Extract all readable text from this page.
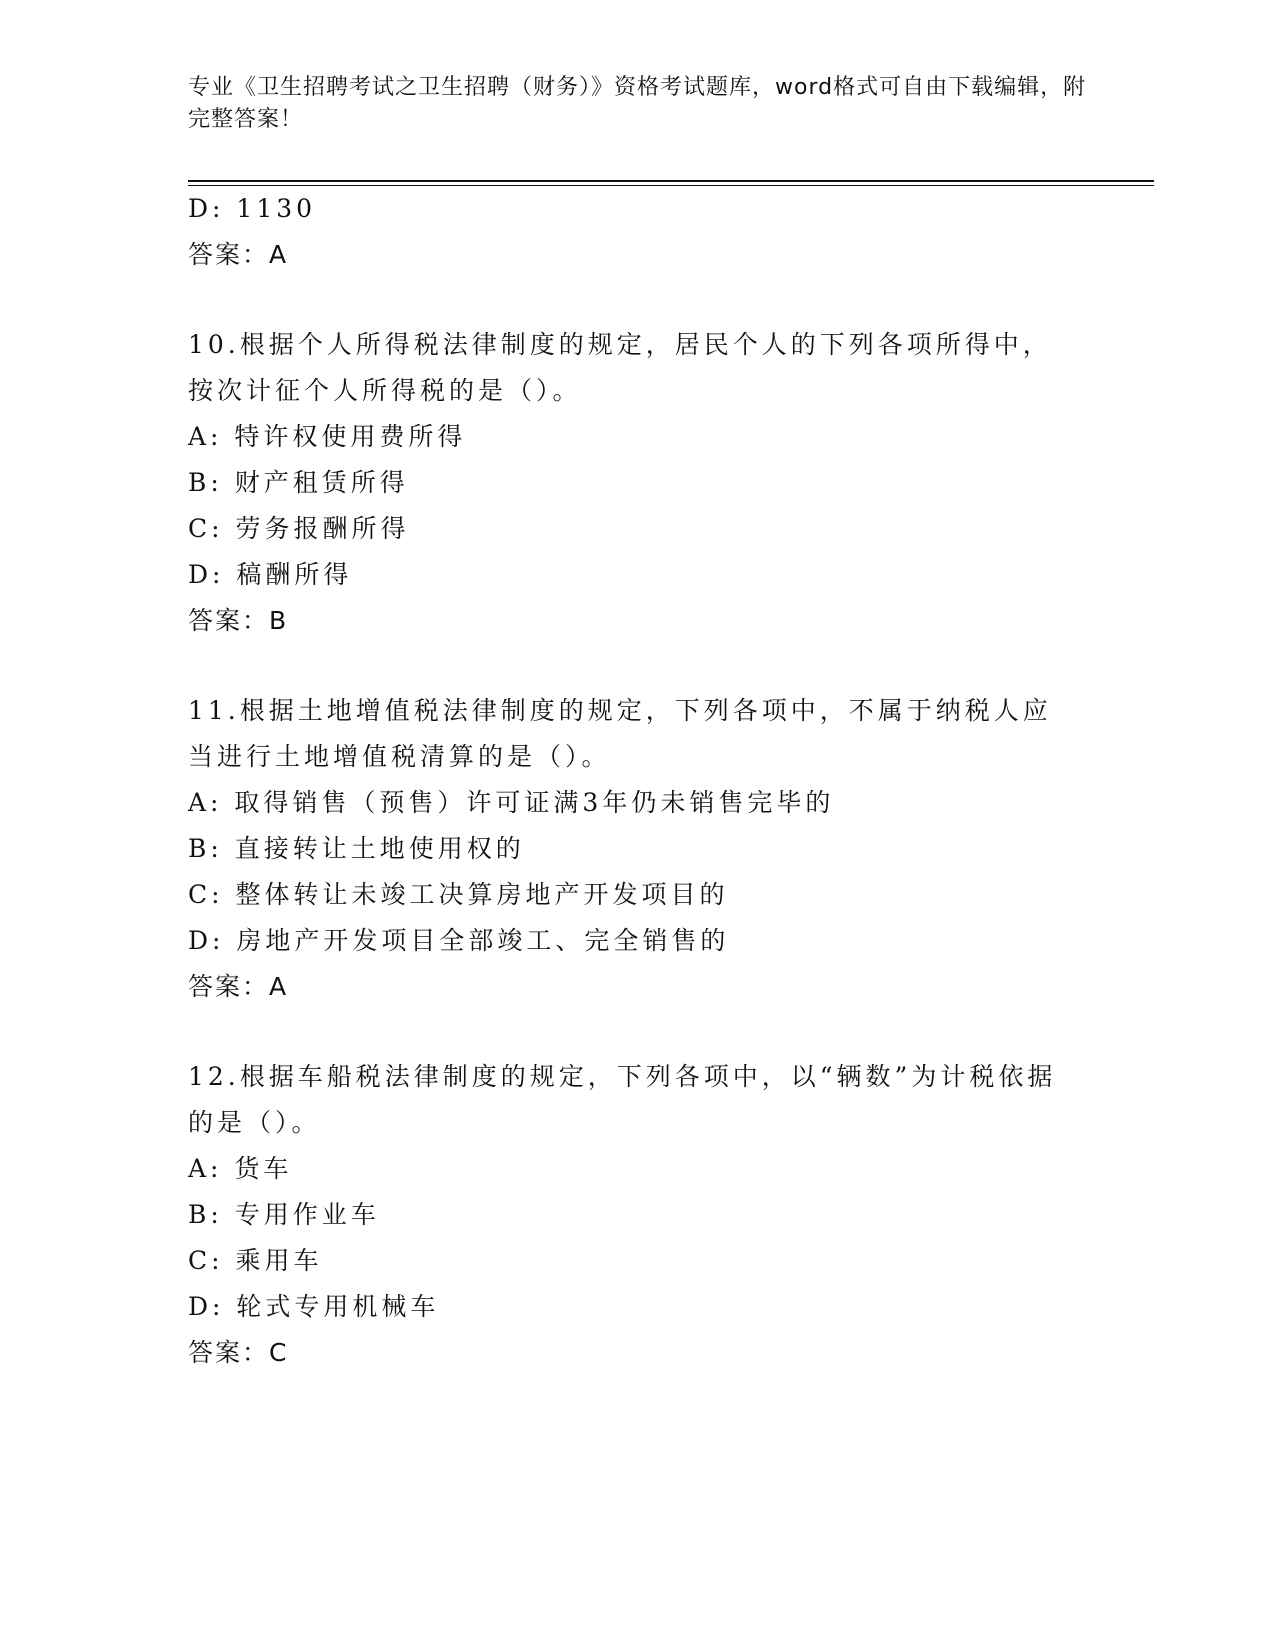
专业《卫生招聘考试之卫生招聘（财务）》资格考试题库，word格式可自由下载编辑，附完整答案！
D: 1130
答案：A
10.根据个人所得税法律制度的规定，居民个人的下列各项所得中，按次计征个人所得税的是（）。
A: 特许权使用费所得
B: 财产租赁所得
C: 劳务报酬所得
D: 稿酬所得
答案：B
11.根据土地增值税法律制度的规定，下列各项中，不属于纳税人应当进行土地增值税清算的是（）。
A: 取得销售（预售）许可证满3年仍未销售完毕的
B: 直接转让土地使用权的
C: 整体转让未竣工决算房地产开发项目的
D: 房地产开发项目全部竣工、完全销售的
答案：A
12.根据车船税法律制度的规定，下列各项中，以“辆数”为计税依据的是（）。
A: 货车
B: 专用作业车
C: 乘用车
D: 轮式专用机械车
答案：C
